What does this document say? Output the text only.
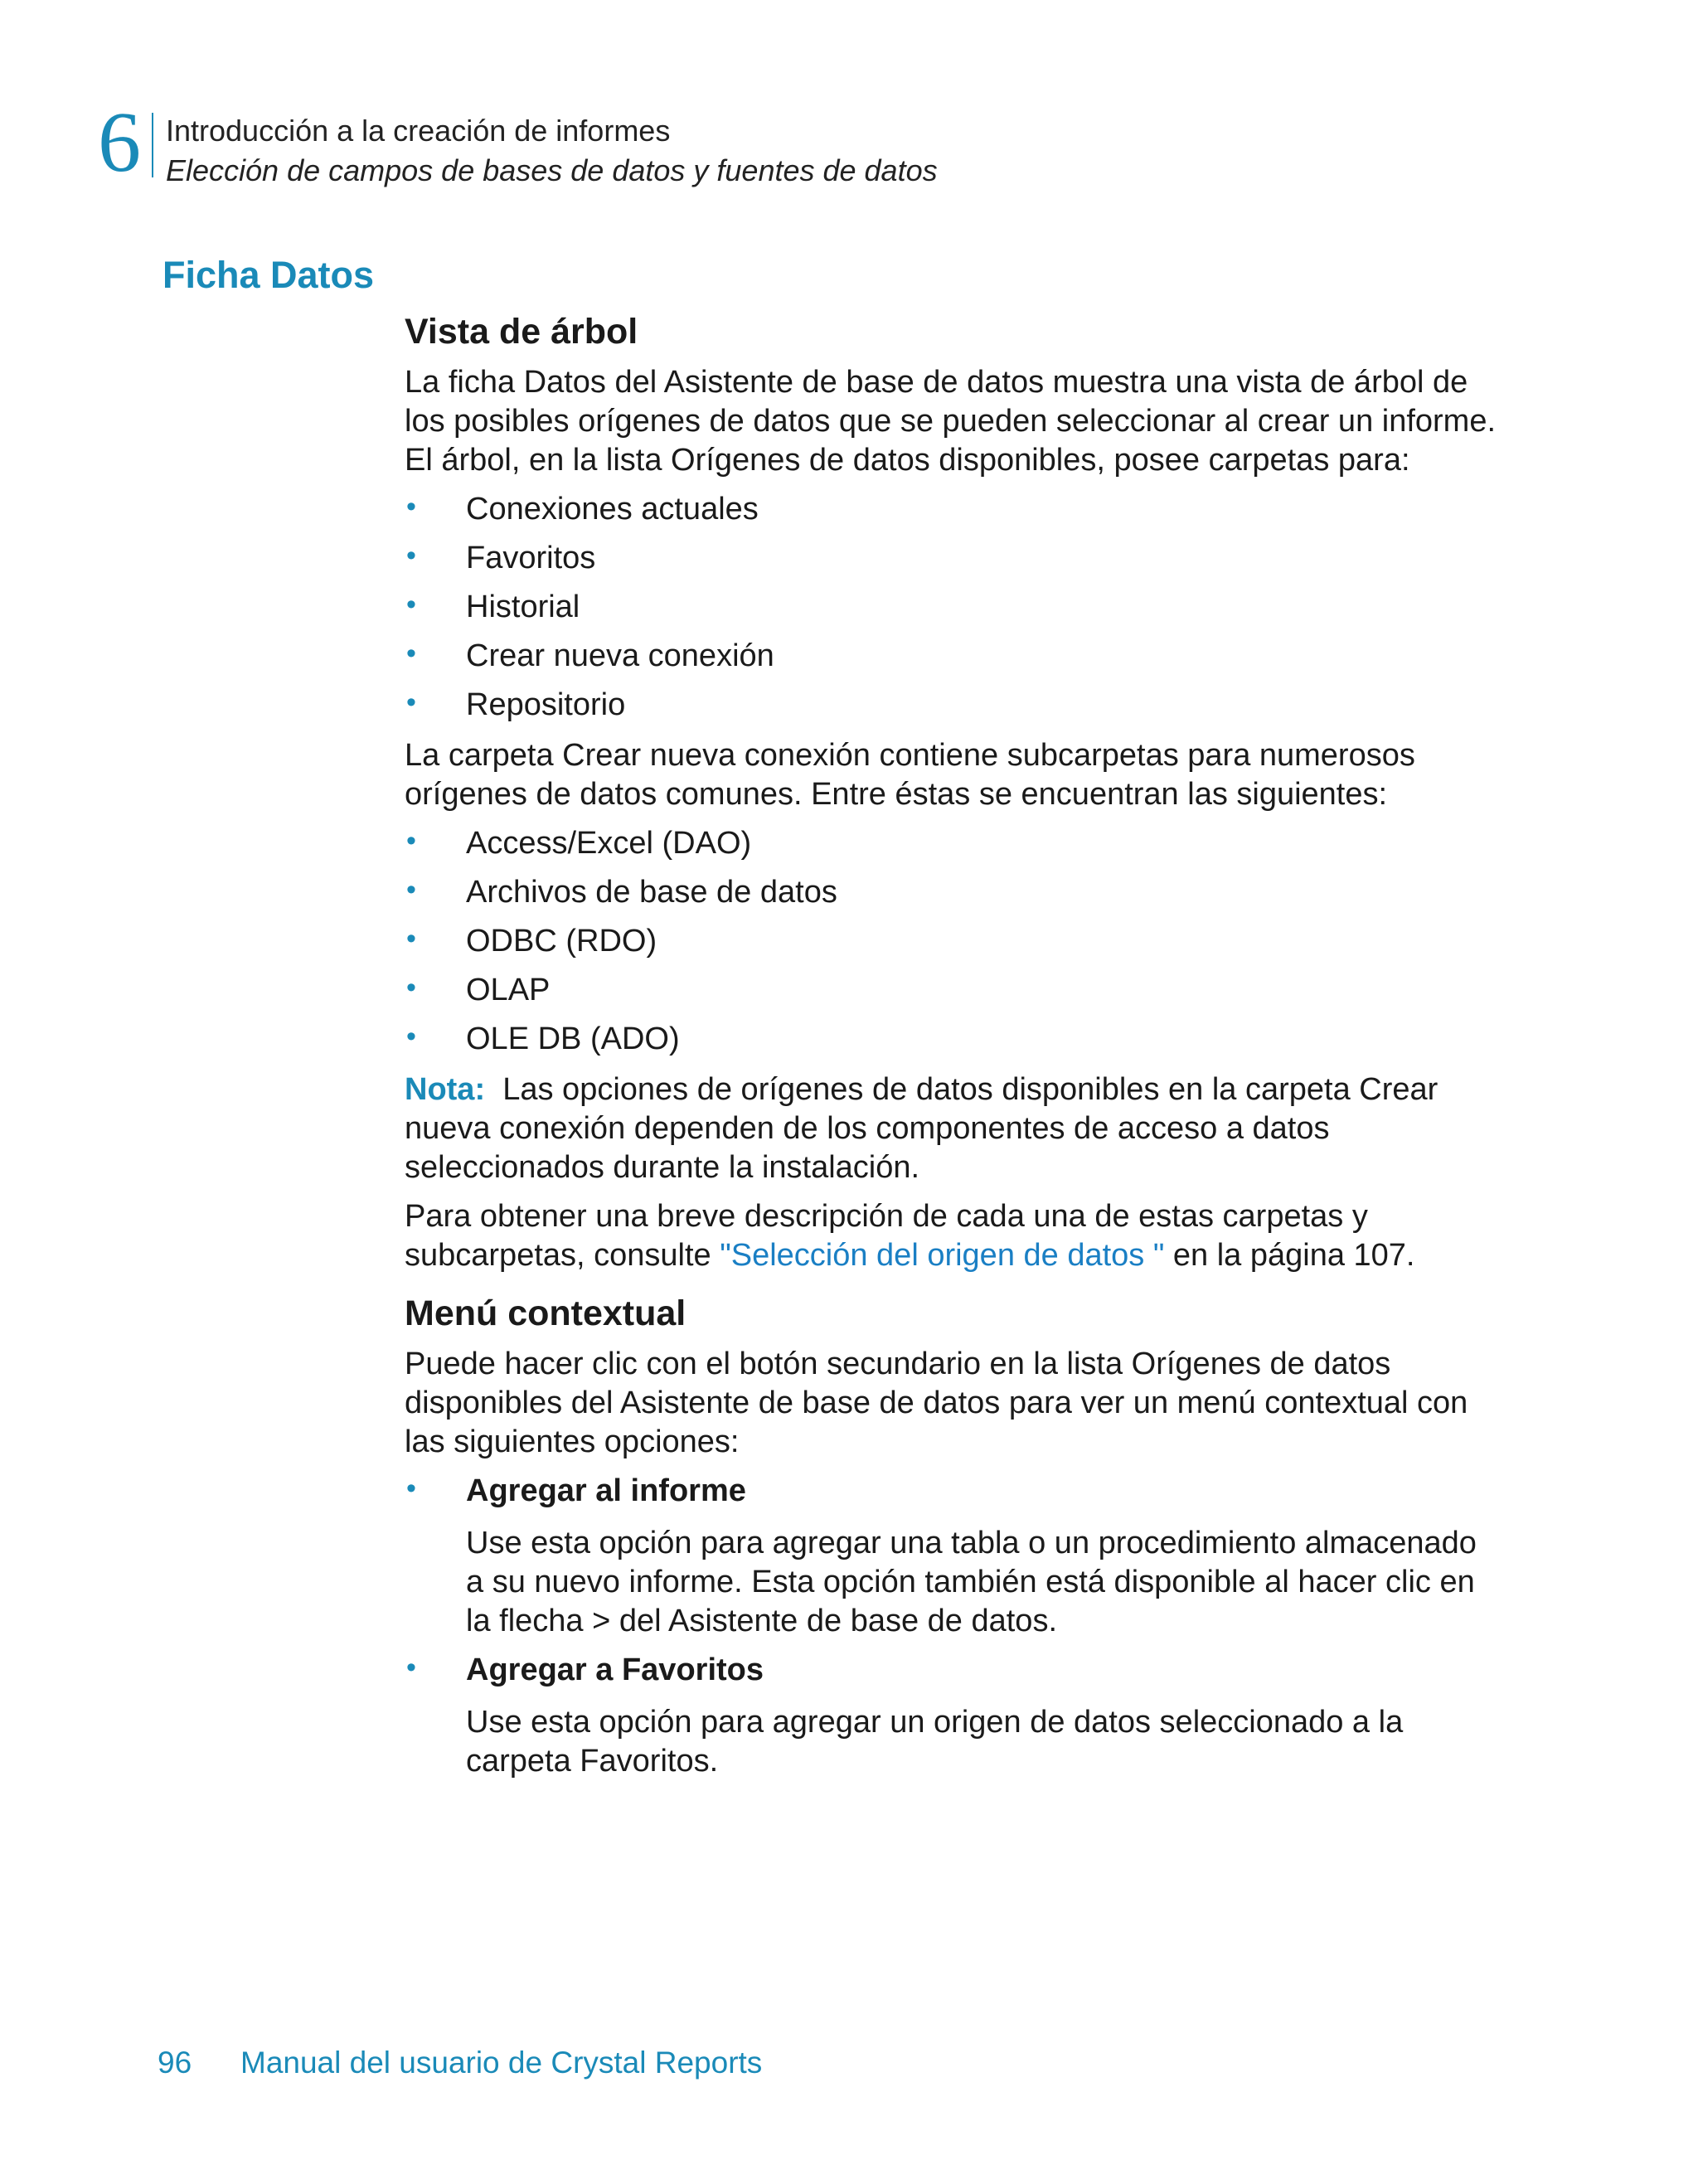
6 Introducción a la creación de informes
Elección de campos de bases de datos y fuentes de datos
Ficha Datos
Vista de árbol

La ficha Datos del Asistente de base de datos muestra una vista de árbol de los posibles orígenes de datos que se pueden seleccionar al crear un informe. El árbol, en la lista Orígenes de datos disponibles, posee carpetas para:

• Conexiones actuales
• Favoritos
• Historial
• Crear nueva conexión
• Repositorio

La carpeta Crear nueva conexión contiene subcarpetas para numerosos orígenes de datos comunes. Entre éstas se encuentran las siguientes:

• Access/Excel (DAO)
• Archivos de base de datos
• ODBC (RDO)
• OLAP
• OLE DB (ADO)

Nota: Las opciones de orígenes de datos disponibles en la carpeta Crear nueva conexión dependen de los componentes de acceso a datos seleccionados durante la instalación.

Para obtener una breve descripción de cada una de estas carpetas y subcarpetas, consulte "Selección del origen de datos " en la página 107.

Menú contextual

Puede hacer clic con el botón secundario en la lista Orígenes de datos disponibles del Asistente de base de datos para ver un menú contextual con las siguientes opciones:

• Agregar al informe
Use esta opción para agregar una tabla o un procedimiento almacenado a su nuevo informe. Esta opción también está disponible al hacer clic en la flecha > del Asistente de base de datos.
• Agregar a Favoritos
Use esta opción para agregar un origen de datos seleccionado a la carpeta Favoritos.
96 Manual del usuario de Crystal Reports
